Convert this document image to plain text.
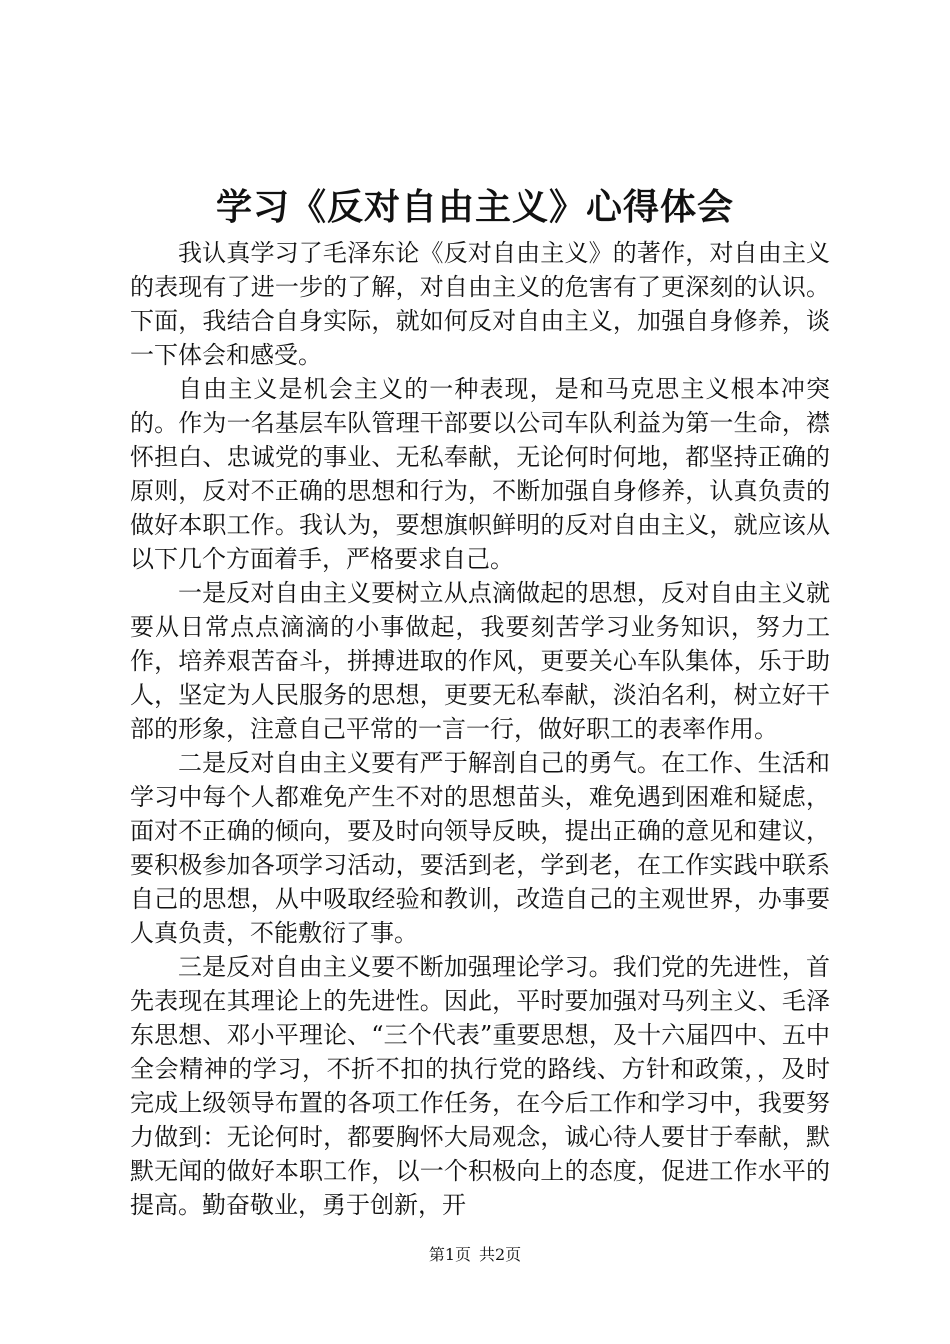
学习《反对自由主义》心得体会

我认真学习了毛泽东论《反对自由主义》的著作，对自由主义的表现有了进一步的了解，对自由主义的危害有了更深刻的认识。下面，我结合自身实际，就如何反对自由主义，加强自身修养，谈一下体会和感受。

自由主义是机会主义的一种表现，是和马克思主义根本冲突的。作为一名基层车队管理干部要以公司车队利益为第一生命，襟怀担白、忠诚党的事业、无私奉献，无论何时何地，都坚持正确的原则，反对不正确的思想和行为，不断加强自身修养，认真负责的做好本职工作。我认为，要想旗帜鲜明的反对自由主义，就应该从以下几个方面着手，严格要求自己。

一是反对自由主义要树立从点滴做起的思想，反对自由主义就要从日常点点滴滴的小事做起，我要刻苦学习业务知识，努力工作，培养艰苦奋斗，拼搏进取的作风，更要关心车队集体，乐于助人，坚定为人民服务的思想，更要无私奉献，淡泊名利，树立好干部的形象，注意自己平常的一言一行，做好职工的表率作用。

二是反对自由主义要有严于解剖自己的勇气。在工作、生活和学习中每个人都难免产生不对的思想苗头，难免遇到困难和疑虑，面对不正确的倾向，要及时向领导反映，提出正确的意见和建议，要积极参加各项学习活动，要活到老，学到老，在工作实践中联系自己的思想，从中吸取经验和教训，改造自己的主观世界，办事要人真负责，不能敷衍了事。

三是反对自由主义要不断加强理论学习。我们党的先进性，首先表现在其理论上的先进性。因此，平时要加强对马列主义、毛泽东思想、邓小平理论、“三个代表”重要思想，及十六届四中、五中全会精神的学习，不折不扣的执行党的路线、方针和政策，，及时完成上级领导布置的各项工作任务，在今后工作和学习中，我要努力做到：无论何时，都要胸怀大局观念，诚心待人要甘于奉献，默默无闻的做好本职工作，以一个积极向上的态度，促进工作水平的提高。勤奋敬业，勇于创新，开

第1页 共2页
